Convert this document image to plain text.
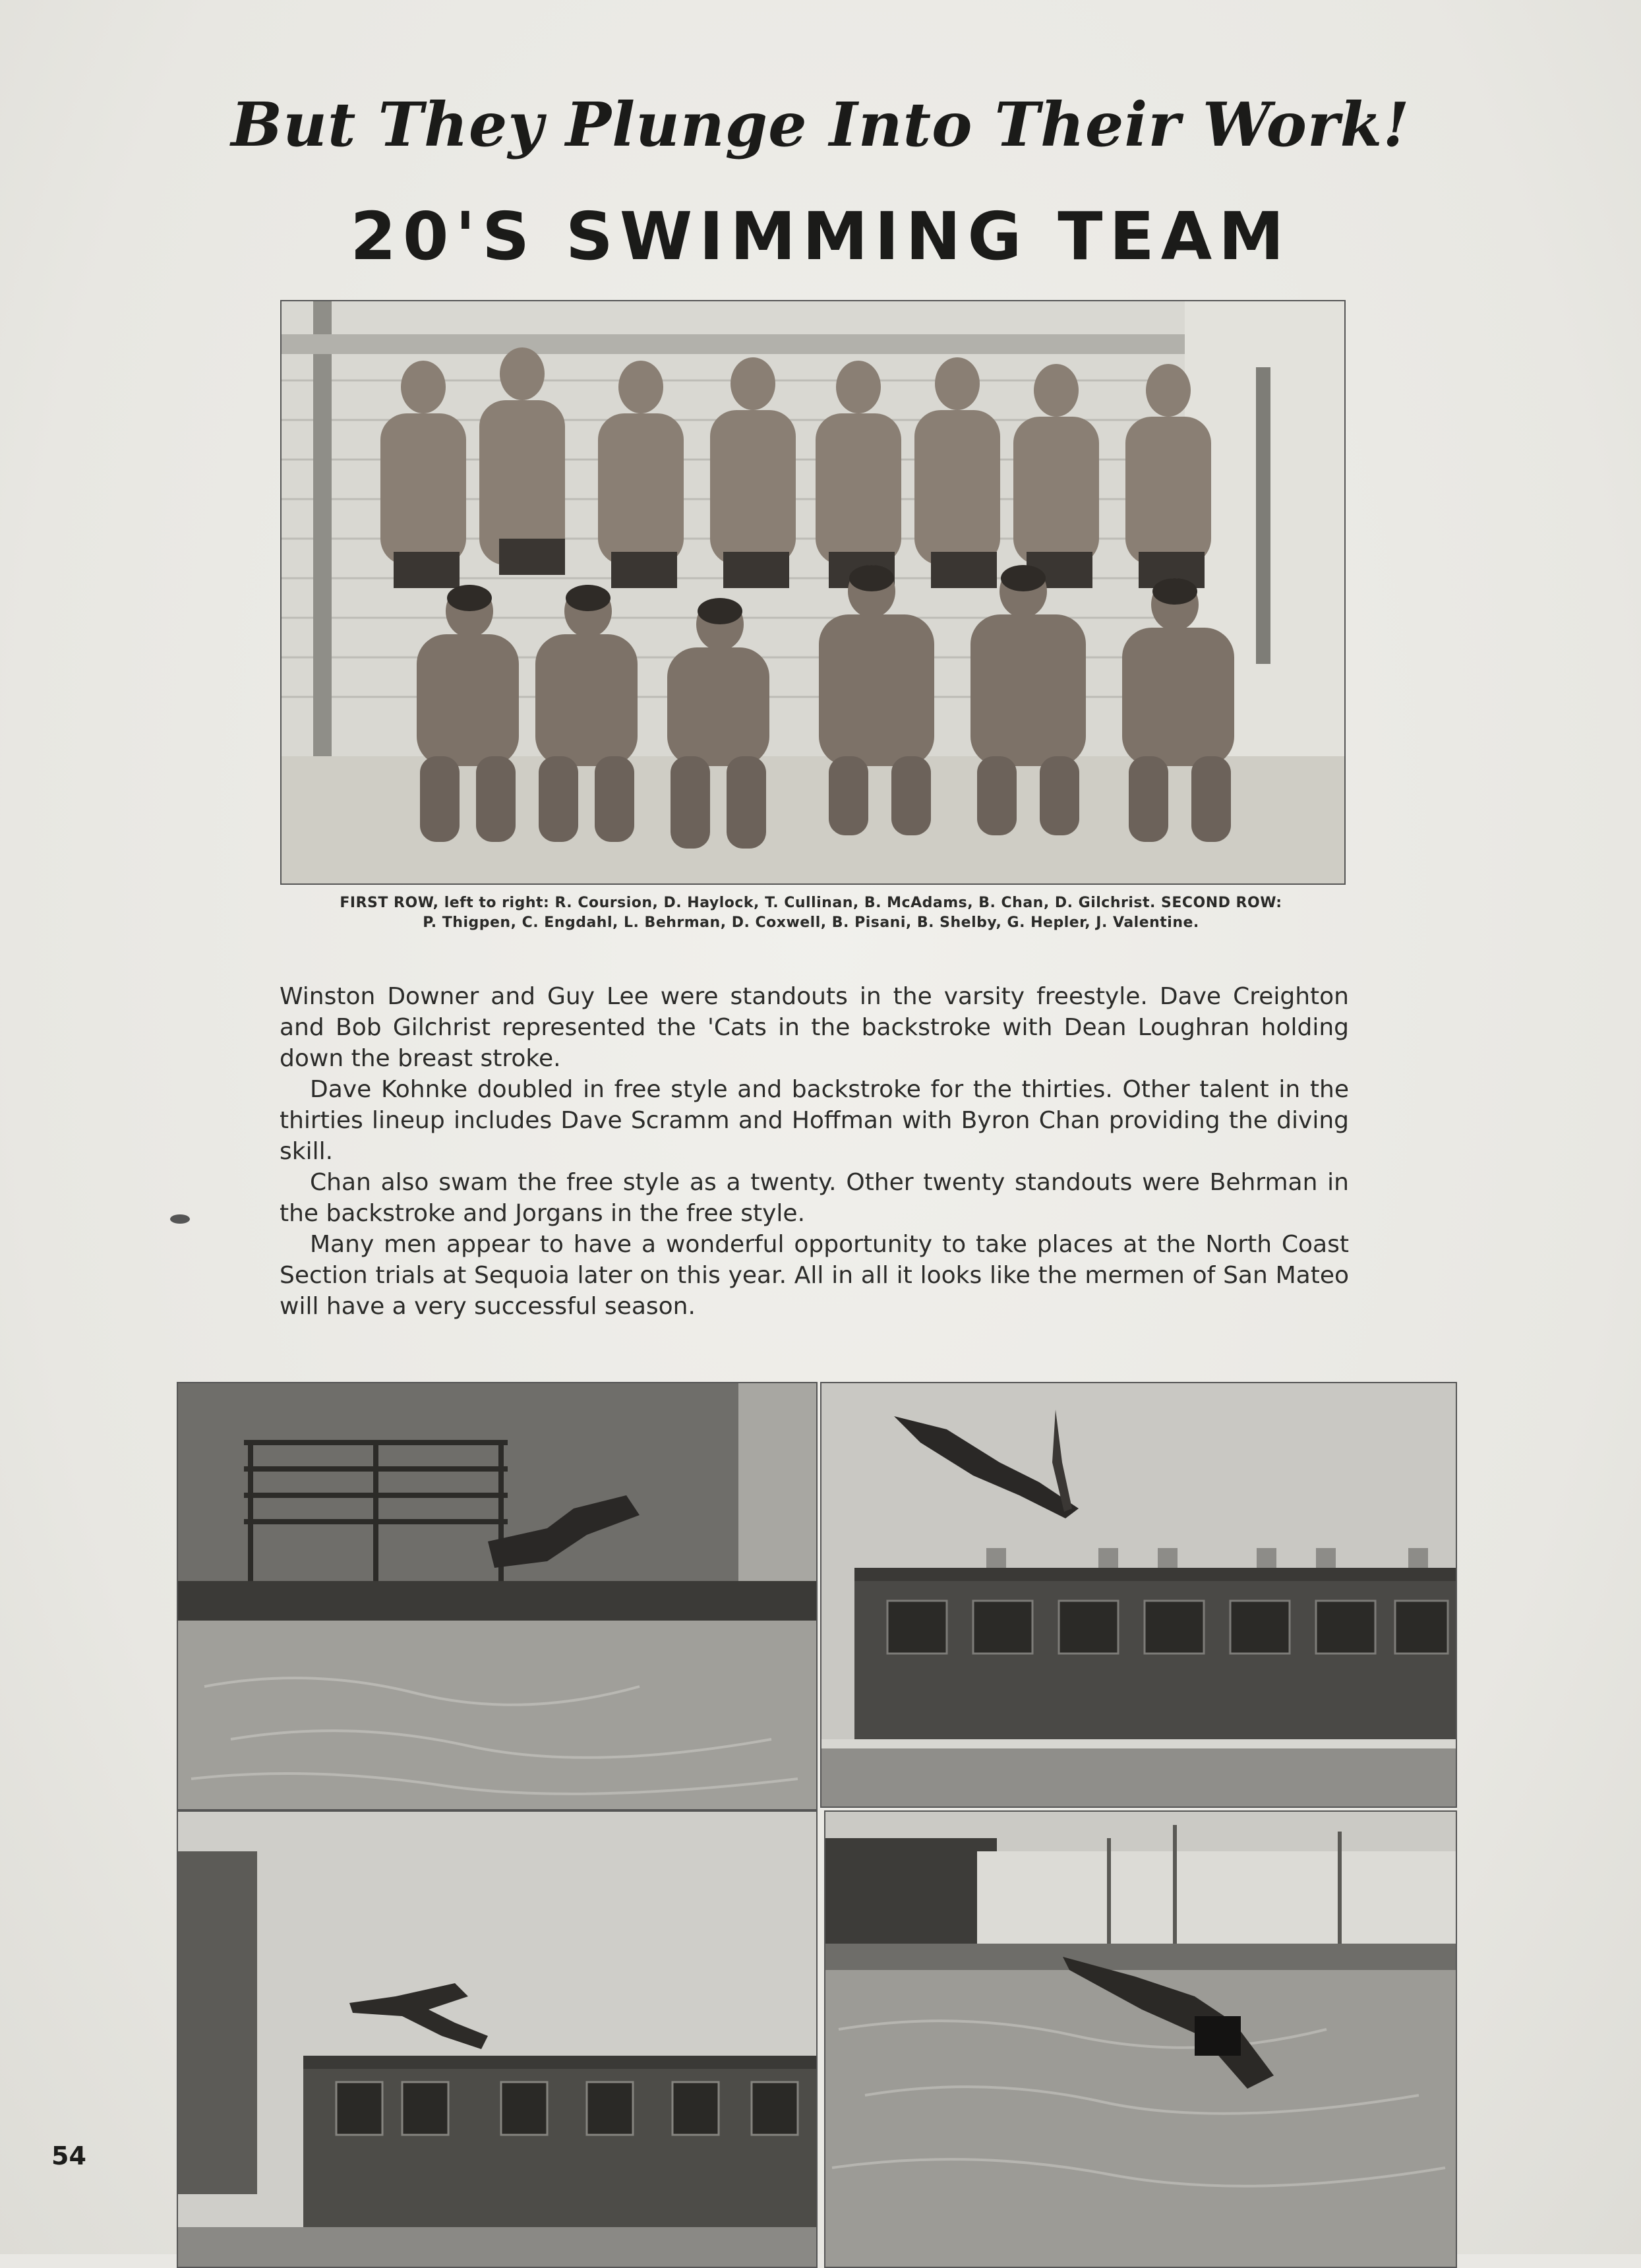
But They Plunge Into Their Work!
20'S SWIMMING TEAM
FIRST ROW, left to right: R. Coursion, D. Haylock, T. Cullinan, B. McAdams, B. Chan, D. Gilchrist. SECOND ROW:
P. Thigpen, C. Engdahl, L. Behrman, D. Coxwell, B. Pisani, B. Shelby, G. Hepler, J. Valentine.

Winston Downer and Guy Lee were standouts in the varsity freestyle. Dave Creighton and Bob Gilchrist represented the 'Cats in the backstroke with Dean Loughran holding down the breast stroke.

Dave Kohnke doubled in free style and backstroke for the thirties. Other talent in the thirties lineup includes Dave Scramm and Hoffman with Byron Chan providing the diving skill.

Chan also swam the free style as a twenty. Other twenty standouts were Behrman in the backstroke and Jorgans in the free style.

Many men appear to have a wonderful opportunity to take places at the North Coast Section trials at Sequoia later on this year. All in all it looks like the mermen of San Mateo will have a very successful season.

54
